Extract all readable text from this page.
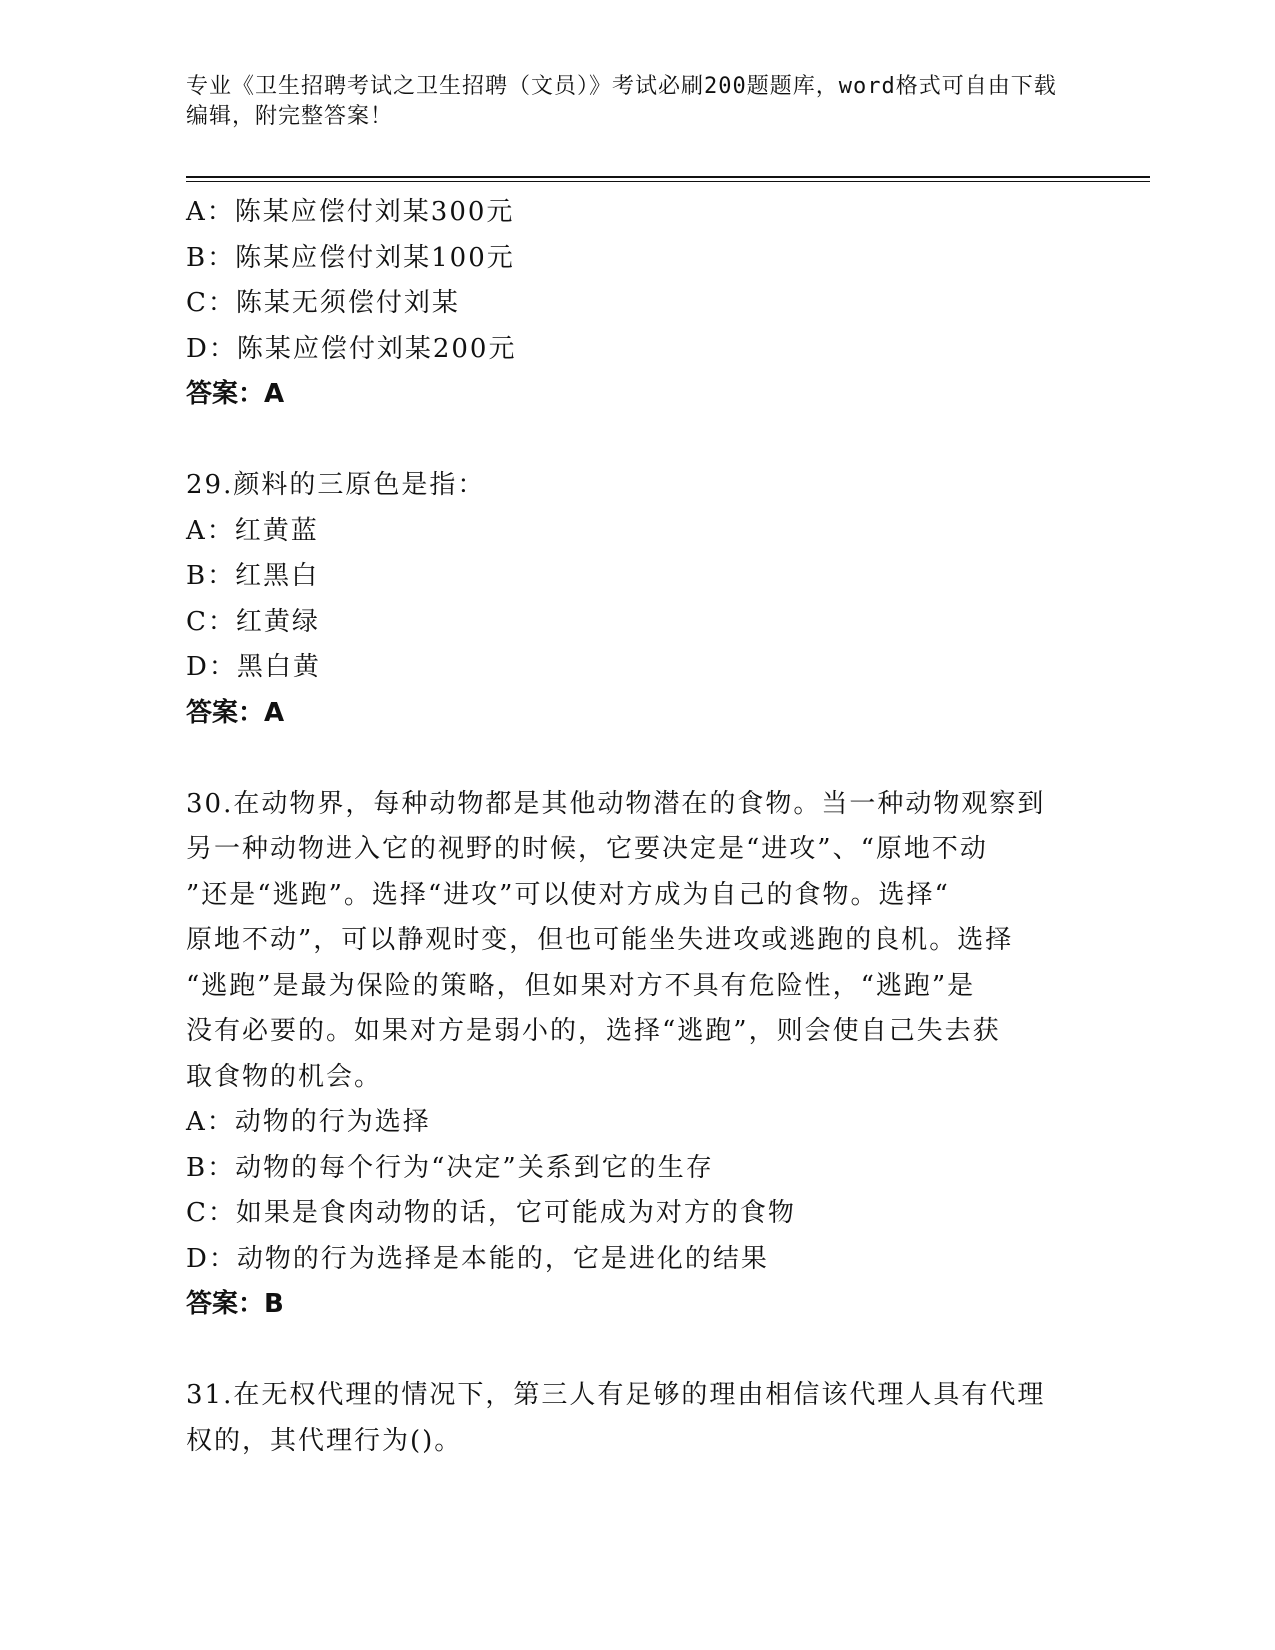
专业《卫生招聘考试之卫生招聘（文员）》考试必刷200题题库，word格式可自由下载编辑，附完整答案！
A：陈某应偿付刘某300元
B：陈某应偿付刘某100元
C：陈某无须偿付刘某
D：陈某应偿付刘某200元
答案：A
29.颜料的三原色是指：
A：红黄蓝
B：红黑白
C：红黄绿
D：黑白黄
答案：A
30.在动物界，每种动物都是其他动物潜在的食物。当一种动物观察到
另一种动物进入它的视野的时候，它要决定是“进攻”、“原地不动
”还是“逃跑”。选择“进攻”可以使对方成为自己的食物。选择“
原地不动”，可以静观时变，但也可能坐失进攻或逃跑的良机。选择
“逃跑”是最为保险的策略，但如果对方不具有危险性，“逃跑”是
没有必要的。如果对方是弱小的，选择“逃跑”，则会使自己失去获
取食物的机会。
A：动物的行为选择
B：动物的每个行为“决定”关系到它的生存
C：如果是食肉动物的话，它可能成为对方的食物
D：动物的行为选择是本能的，它是进化的结果
答案：B
31.在无权代理的情况下，第三人有足够的理由相信该代理人具有代理
权的，其代理行为()。
